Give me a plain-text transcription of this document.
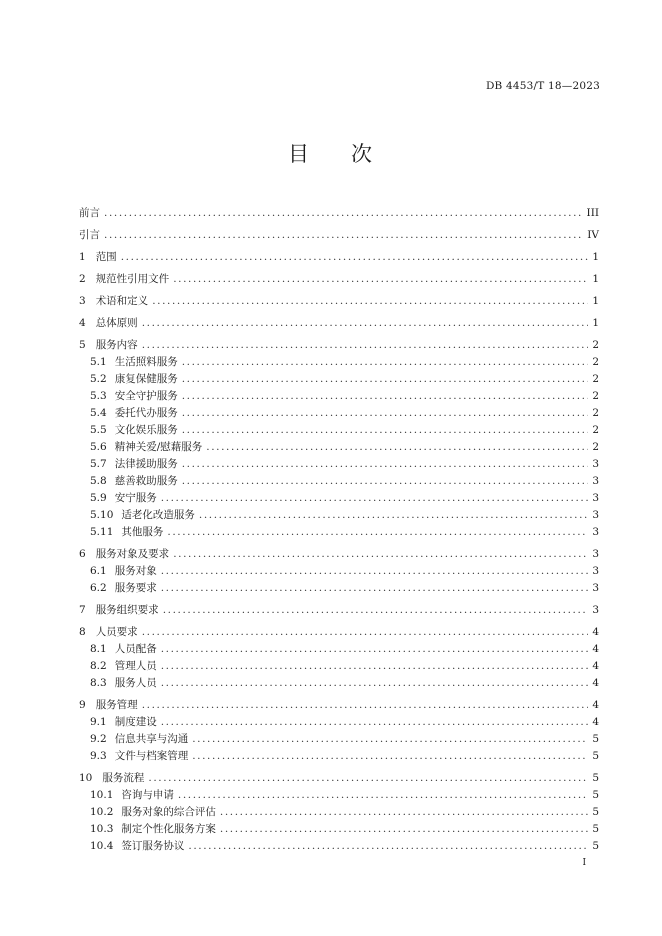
DB 4453/T 18—2023
目 次
前言 .....	III
引言 .....	IV
1 范围 .....	1
2 规范性引用文件 .....	1
3 术语和定义 .....	1
4 总体原则 .....	1
5 服务内容 .....	2
5.1 生活照料服务 .....	2
5.2 康复保健服务 .....	2
5.3 安全守护服务 .....	2
5.4 委托代办服务 .....	2
5.5 文化娱乐服务 .....	2
5.6 精神关爱/慰藉服务 .....	2
5.7 法律援助服务 .....	3
5.8 慈善救助服务 .....	3
5.9 安宁服务 .....	3
5.10 适老化改造服务 .....	3
5.11 其他服务 .....	3
6 服务对象及要求 .....	3
6.1 服务对象 .....	3
6.2 服务要求 .....	3
7 服务组织要求 .....	3
8 人员要求 .....	4
8.1 人员配备 .....	4
8.2 管理人员 .....	4
8.3 服务人员 .....	4
9 服务管理 .....	4
9.1 制度建设 .....	4
9.2 信息共享与沟通 .....	5
9.3 文件与档案管理 .....	5
10 服务流程 .....	5
10.1 咨询与申请 .....	5
10.2 服务对象的综合评估 .....	5
10.3 制定个性化服务方案 .....	5
10.4 签订服务协议 .....	5
I
